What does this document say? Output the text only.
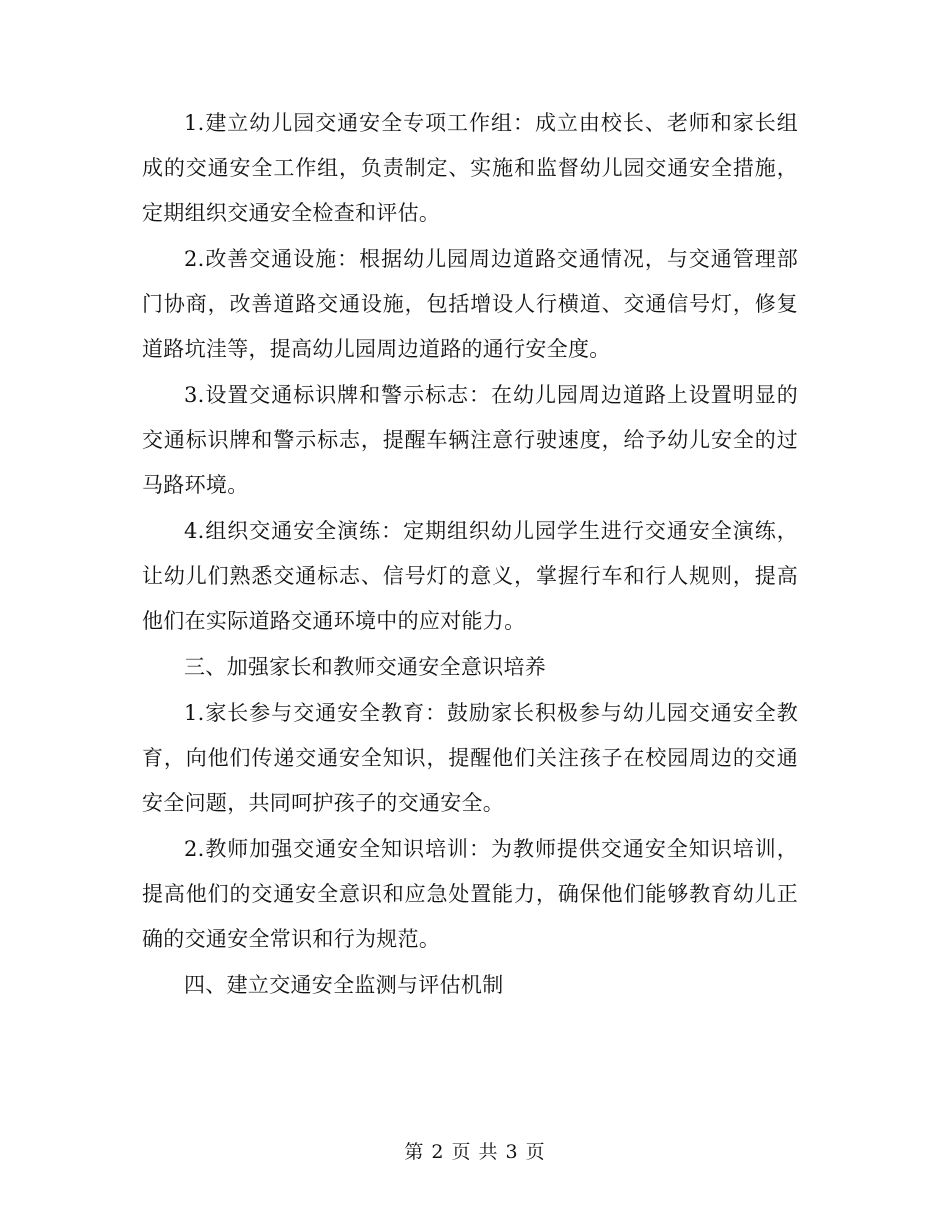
1.建立幼儿园交通安全专项工作组：成立由校长、老师和家长组成的交通安全工作组，负责制定、实施和监督幼儿园交通安全措施，定期组织交通安全检查和评估。

2.改善交通设施：根据幼儿园周边道路交通情况，与交通管理部门协商，改善道路交通设施，包括增设人行横道、交通信号灯，修复道路坑洼等，提高幼儿园周边道路的通行安全度。

3.设置交通标识牌和警示标志：在幼儿园周边道路上设置明显的交通标识牌和警示标志，提醒车辆注意行驶速度，给予幼儿安全的过马路环境。

4.组织交通安全演练：定期组织幼儿园学生进行交通安全演练，让幼儿们熟悉交通标志、信号灯的意义，掌握行车和行人规则，提高他们在实际道路交通环境中的应对能力。

三、加强家长和教师交通安全意识培养

1.家长参与交通安全教育：鼓励家长积极参与幼儿园交通安全教育，向他们传递交通安全知识，提醒他们关注孩子在校园周边的交通安全问题，共同呵护孩子的交通安全。

2.教师加强交通安全知识培训：为教师提供交通安全知识培训，提高他们的交通安全意识和应急处置能力，确保他们能够教育幼儿正确的交通安全常识和行为规范。

四、建立交通安全监测与评估机制

第 2 页 共 3 页
